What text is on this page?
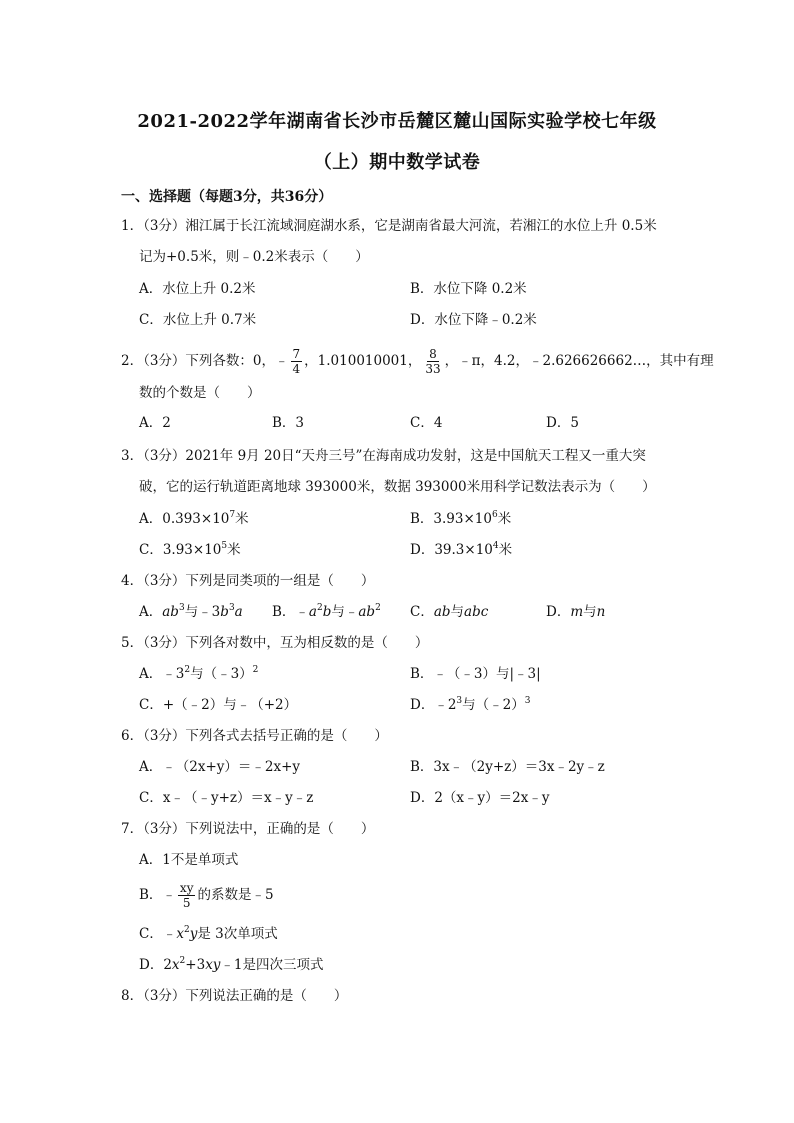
2021-2022学年湖南省长沙市岳麓区麓山国际实验学校七年级
（上）期中数学试卷
一、选择题（每题3分，共36分）
1．（3分）湘江属于长江流域洞庭湖水系，它是湖南省最大河流，若湘江的水位上升 0.5米
记为+0.5米，则﹣0.2米表示（　　）
A．水位上升 0.2米	B．水位下降 0.2米
C．水位上升 0.7米	D．水位下降﹣0.2米
2．（3分）下列各数：0，﹣ $\frac{7}{4}$ ，1.010010001， $\frac{8}{33}$ ，﹣π，4.2，﹣2.626626662…，其中有理
数的个数是（　　）
A．2	B．3	C．4	D．5
3．（3分）2021年 9月 20日“天舟三号”在海南成功发射，这是中国航天工程又一重大突
破，它的运行轨道距离地球 393000米，数据 393000米用科学记数法表示为（　　）
A．$0.393\times 10^7$米	B．$3.93\times 10^6$米
C．$3.93\times 10^5$米	D．$39.3\times 10^4$米
4．（3分）下列是同类项的一组是（　　）
A．$ab^3$与$﹣3b^3a$ B．$﹣a^2b$与$﹣ab^2$ C．ab与abc	D．m与n
5．（3分）下列各对数中，互为相反数的是（　　）
A．$﹣3^2$与（﹣3）$^2$	B．﹣（﹣3）与|﹣3|
C．+（﹣2）与﹣（+2）	D．$﹣2^3$与（﹣2）$^3$
6．（3分）下列各式去括号正确的是（　　）
A．﹣（2x+y）＝﹣2x+y	B．3x﹣（2y+z）＝3x﹣2y﹣z
C．x﹣（﹣y+z）＝x﹣y﹣z	D．2（x﹣y）＝2x﹣y
7．（3分）下列说法中，正确的是（　　）
A．1不是单项式
B．﹣ $\frac{xy}{5}$ 的系数是﹣5
C．$﹣x^2y$是 3次单项式
D．$2x^2+3xy﹣1$是四次三项式
8．（3分）下列说法正确的是（　　）
